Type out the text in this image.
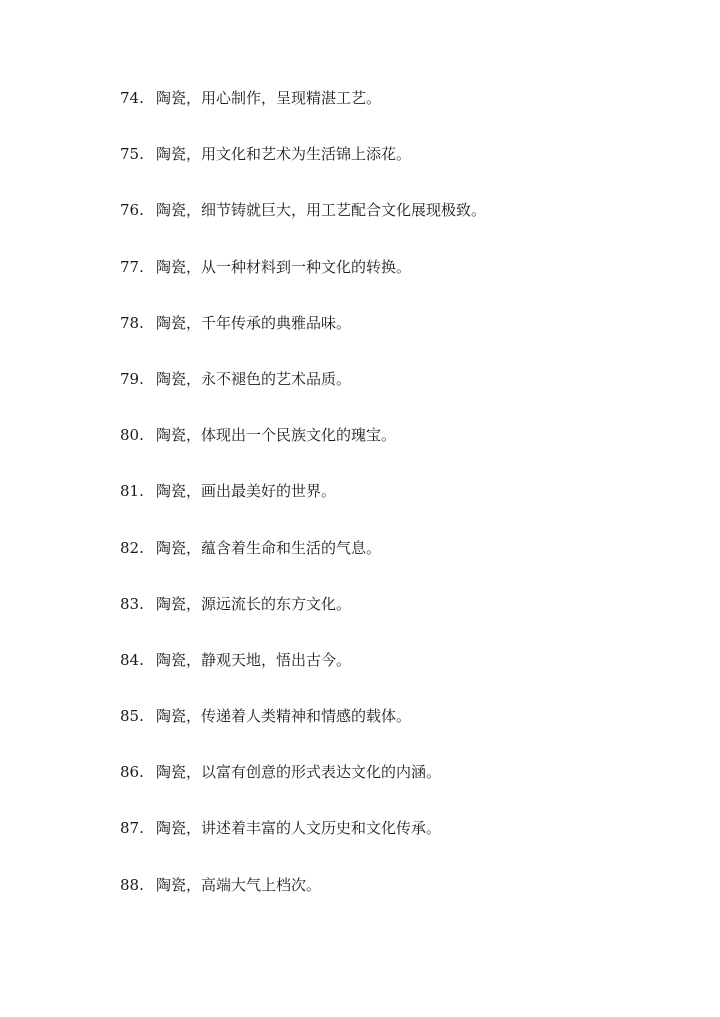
74. 陶瓷，用心制作，呈现精湛工艺。
75. 陶瓷，用文化和艺术为生活锦上添花。
76. 陶瓷，细节铸就巨大，用工艺配合文化展现极致。
77. 陶瓷，从一种材料到一种文化的转换。
78. 陶瓷，千年传承的典雅品味。
79. 陶瓷，永不褪色的艺术品质。
80. 陶瓷，体现出一个民族文化的瑰宝。
81. 陶瓷，画出最美好的世界。
82. 陶瓷，蕴含着生命和生活的气息。
83. 陶瓷，源远流长的东方文化。
84. 陶瓷，静观天地，悟出古今。
85. 陶瓷，传递着人类精神和情感的载体。
86. 陶瓷，以富有创意的形式表达文化的内涵。
87. 陶瓷，讲述着丰富的人文历史和文化传承。
88. 陶瓷，高端大气上档次。
